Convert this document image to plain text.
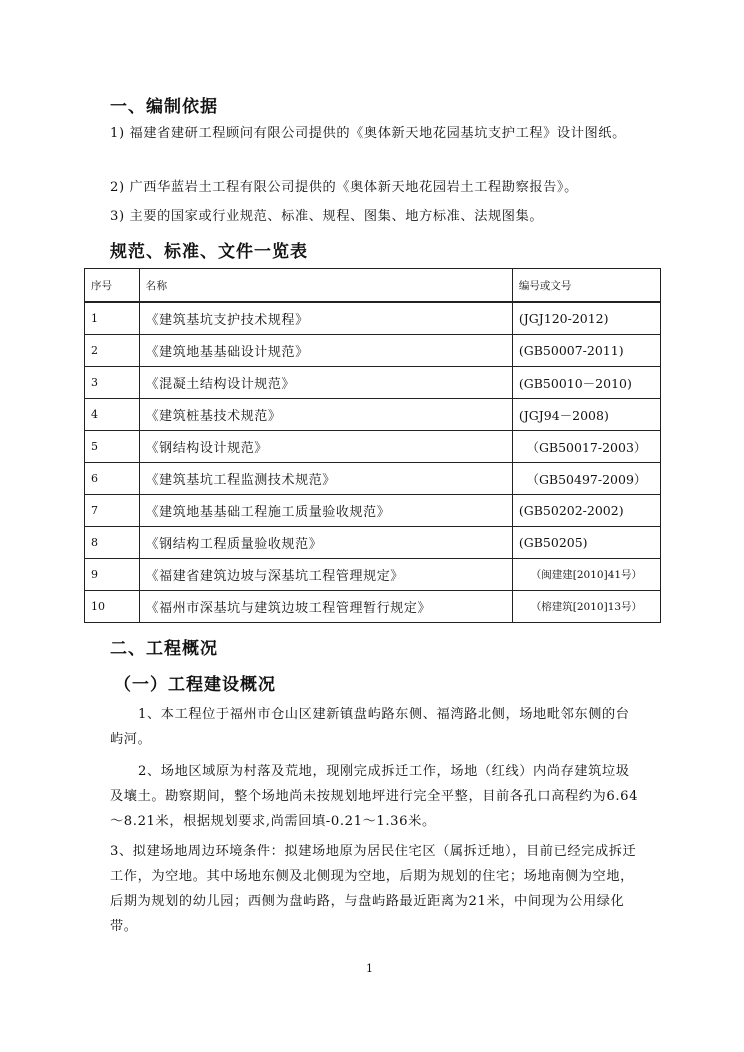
一、编制依据

1) 福建省建研工程顾问有限公司提供的《奥体新天地花园基坑支护工程》设计图纸。

2) 广西华蓝岩土工程有限公司提供的《奥体新天地花园岩土工程勘察报告》。

3) 主要的国家或行业规范、标准、规程、图集、地方标准、法规图集。

规范、标准、文件一览表
序号	名称	编号或文号
1	《建筑基坑支护技术规程》	(JGJ120-2012)
2	《建筑地基基础设计规范》	(GB50007-2011)
3	《混凝土结构设计规范》	(GB50010－2010)
4	《建筑桩基技术规范》	(JGJ94－2008)
5	《钢结构设计规范》	（GB50017-2003）
6	《建筑基坑工程监测技术规范》	（GB50497-2009）
7	《建筑地基基础工程施工质量验收规范》	(GB50202-2002)
8	《钢结构工程质量验收规范》	(GB50205)
9	《福建省建筑边坡与深基坑工程管理规定》	（闽建建[2010]41号）
10	《福州市深基坑与建筑边坡工程管理暂行规定》	（榕建筑[2010]13号）
二、工程概况
（一）工程建设概况

1、本工程位于福州市仓山区建新镇盘屿路东侧、福湾路北侧，场地毗邻东侧的台屿河。

2、场地区域原为村落及荒地，现刚完成拆迁工作，场地（红线）内尚存建筑垃圾及壤土。勘察期间，整个场地尚未按规划地坪进行完全平整，目前各孔口高程约为6.64～8.21米，根据规划要求,尚需回填-0.21～1.36米。

3、拟建场地周边环境条件：拟建场地原为居民住宅区（属拆迁地），目前已经完成拆迁工作，为空地。其中场地东侧及北侧现为空地，后期为规划的住宅；场地南侧为空地，后期为规划的幼儿园；西侧为盘屿路，与盘屿路最近距离为21米，中间现为公用绿化带。

1
